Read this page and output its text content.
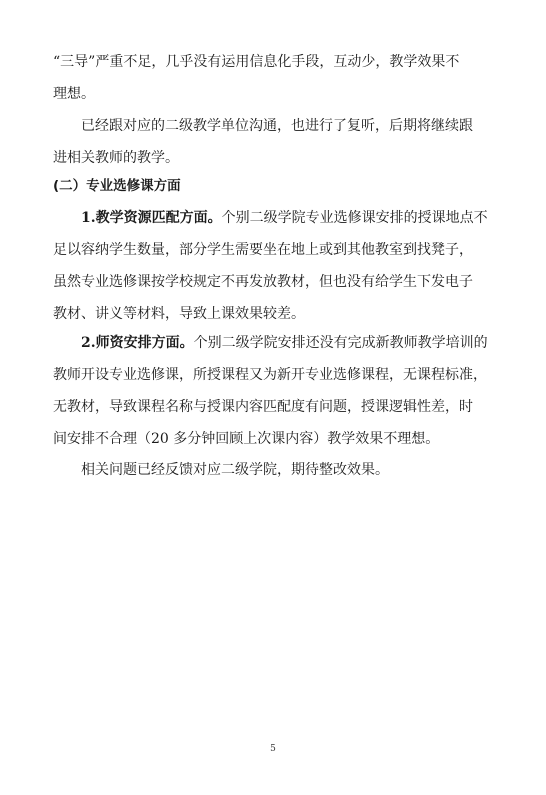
“三导”严重不足，几乎没有运用信息化手段，互动少，教学效果不
理想。
已经跟对应的二级教学单位沟通，也进行了复听，后期将继续跟
进相关教师的教学。
(二）专业选修课方面
1.教学资源匹配方面。个别二级学院专业选修课安排的授课地点不
足以容纳学生数量，部分学生需要坐在地上或到其他教室到找凳子，
虽然专业选修课按学校规定不再发放教材，但也没有给学生下发电子
教材、讲义等材料，导致上课效果较差。
2.师资安排方面。个别二级学院安排还没有完成新教师教学培训的
教师开设专业选修课，所授课程又为新开专业选修课程，无课程标准，
无教材，导致课程名称与授课内容匹配度有问题，授课逻辑性差，时
间安排不合理（20 多分钟回顾上次课内容）教学效果不理想。
相关问题已经反馈对应二级学院，期待整改效果。
5
